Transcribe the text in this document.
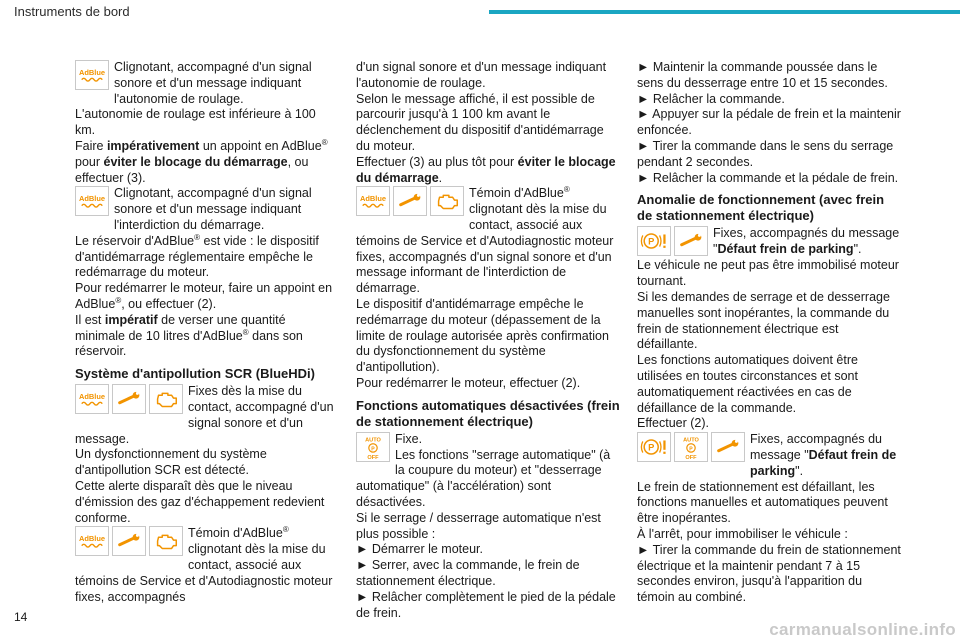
Instruments de bord
Clignotant, accompagné d'un signal sonore et d'un message indiquant l'autonomie de roulage.

L'autonomie de roulage est inférieure à 100 km.

Faire impérativement un appoint en AdBlue® pour éviter le blocage du démarrage, ou effectuer (3).

Clignotant, accompagné d'un signal sonore et d'un message indiquant l'interdiction du démarrage.

Le réservoir d'AdBlue® est vide : le dispositif d'antidémarrage réglementaire empêche le redémarrage du moteur.

Pour redémarrer le moteur, faire un appoint en AdBlue®, ou effectuer (2).

Il est impératif de verser une quantité minimale de 10 litres d'AdBlue® dans son réservoir.

Système d'antipollution SCR (BlueHDi)
Fixes dès la mise du contact, accompagné d'un signal sonore et d'un message.

Un dysfonctionnement du système d'antipollution SCR est détecté.

Cette alerte disparaît dès que le niveau d'émission des gaz d'échappement redevient conforme.

Témoin d'AdBlue® clignotant dès la mise du contact, associé aux témoins de Service et d'Autodiagnostic moteur fixes, accompagnés

d'un signal sonore et d'un message indiquant l'autonomie de roulage.

Selon le message affiché, il est possible de parcourir jusqu'à 1 100 km avant le déclenchement du dispositif d'antidémarrage du moteur.

Effectuer (3) au plus tôt pour éviter le blocage du démarrage.

Témoin d'AdBlue® clignotant dès la mise du contact, associé aux témoins de Service et d'Autodiagnostic moteur fixes, accompagnés d'un signal sonore et d'un message informant de l'interdiction de démarrage.

Le dispositif d'antidémarrage empêche le redémarrage du moteur (dépassement de la limite de roulage autorisée après confirmation du dysfonctionnement du système d'antipollution).

Pour redémarrer le moteur, effectuer (2).

Fonctions automatiques désactivées (frein de stationnement électrique)
Fixe.
Les fonctions "serrage automatique" (à la coupure du moteur) et "desserrage automatique" (à l'accélération) sont désactivées.

Si le serrage / desserrage automatique n'est plus possible :

► Démarrer le moteur.

► Serrer, avec la commande, le frein de stationnement électrique.

► Relâcher complètement le pied de la pédale de frein.

► Maintenir la commande poussée dans le sens du desserrage entre 10 et 15 secondes.

► Relâcher la commande.

► Appuyer sur la pédale de frein et la maintenir enfoncée.

► Tirer la commande dans le sens du serrage pendant 2 secondes.

► Relâcher la commande et la pédale de frein.

Anomalie de fonctionnement (avec frein de stationnement électrique)
Fixes, accompagnés du message "Défaut frein de parking".

Le véhicule ne peut pas être immobilisé moteur tournant.

Si les demandes de serrage et de desserrage manuelles sont inopérantes, la commande du frein de stationnement électrique est défaillante.

Les fonctions automatiques doivent être utilisées en toutes circonstances et sont automatiquement réactivées en cas de défaillance de la commande.

Effectuer (2).

Fixes, accompagnés du message "Défaut frein de parking".

Le frein de stationnement est défaillant, les fonctions manuelles et automatiques peuvent être inopérantes.

À l'arrêt, pour immobiliser le véhicule :

► Tirer la commande du frein de stationnement électrique et la maintenir pendant 7 à 15 secondes environ, jusqu'à l'apparition du témoin au combiné.

14
carmanualsonline.info
